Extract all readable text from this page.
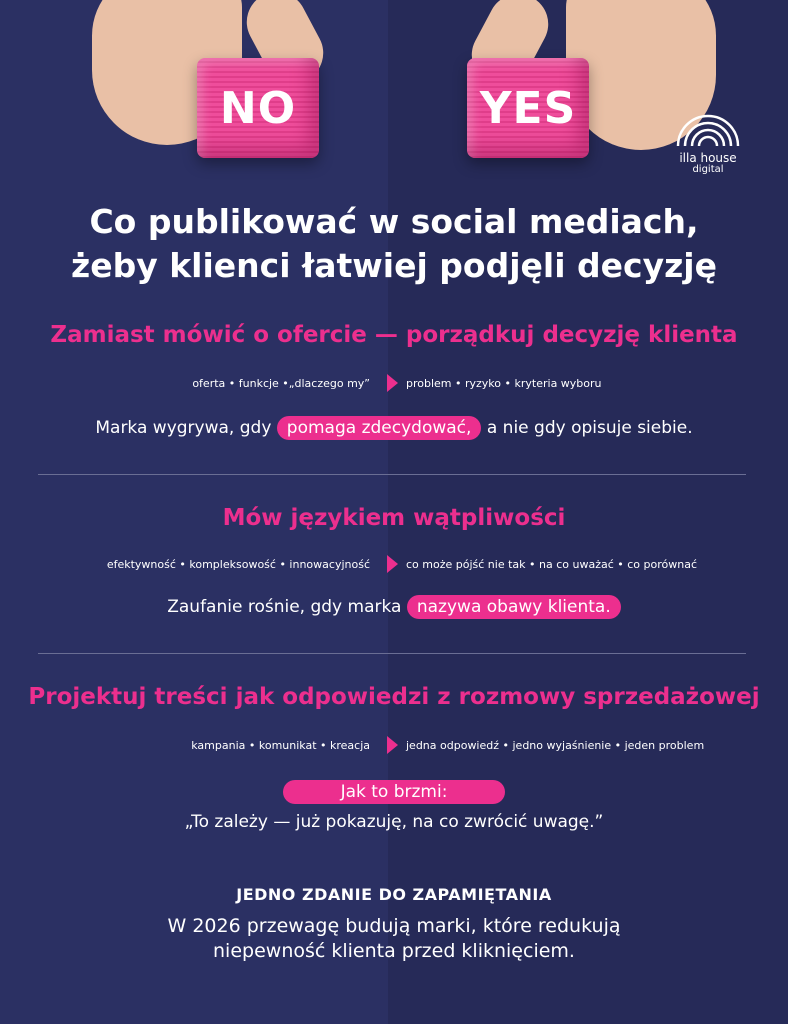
NO	YES
illa house
digital
Co publikować w social mediach,
żeby klienci łatwiej podjęli decyzję
Zamiast mówić o ofercie — porządkuj decyzję klienta
oferta • funkcje •„dlaczego my”	problem • ryzyko • kryteria wyboru
Marka wygrywa, gdy pomaga zdecydować, a nie gdy opisuje siebie.
Mów językiem wątpliwości
efektywność • kompleksowość • innowacyjność	co może pójść nie tak • na co uważać • co porównać
Zaufanie rośnie, gdy marka nazywa obawy klienta.
Projektuj treści jak odpowiedzi z rozmowy sprzedażowej
kampania • komunikat • kreacja	jedna odpowiedź • jedno wyjaśnienie • jeden problem
Jak to brzmi:
„To zależy — już pokazuję, na co zwrócić uwagę.”
JEDNO ZDANIE DO ZAPAMIĘTANIA
W 2026 przewagę budują marki, które redukują
niepewność klienta przed kliknięciem.
